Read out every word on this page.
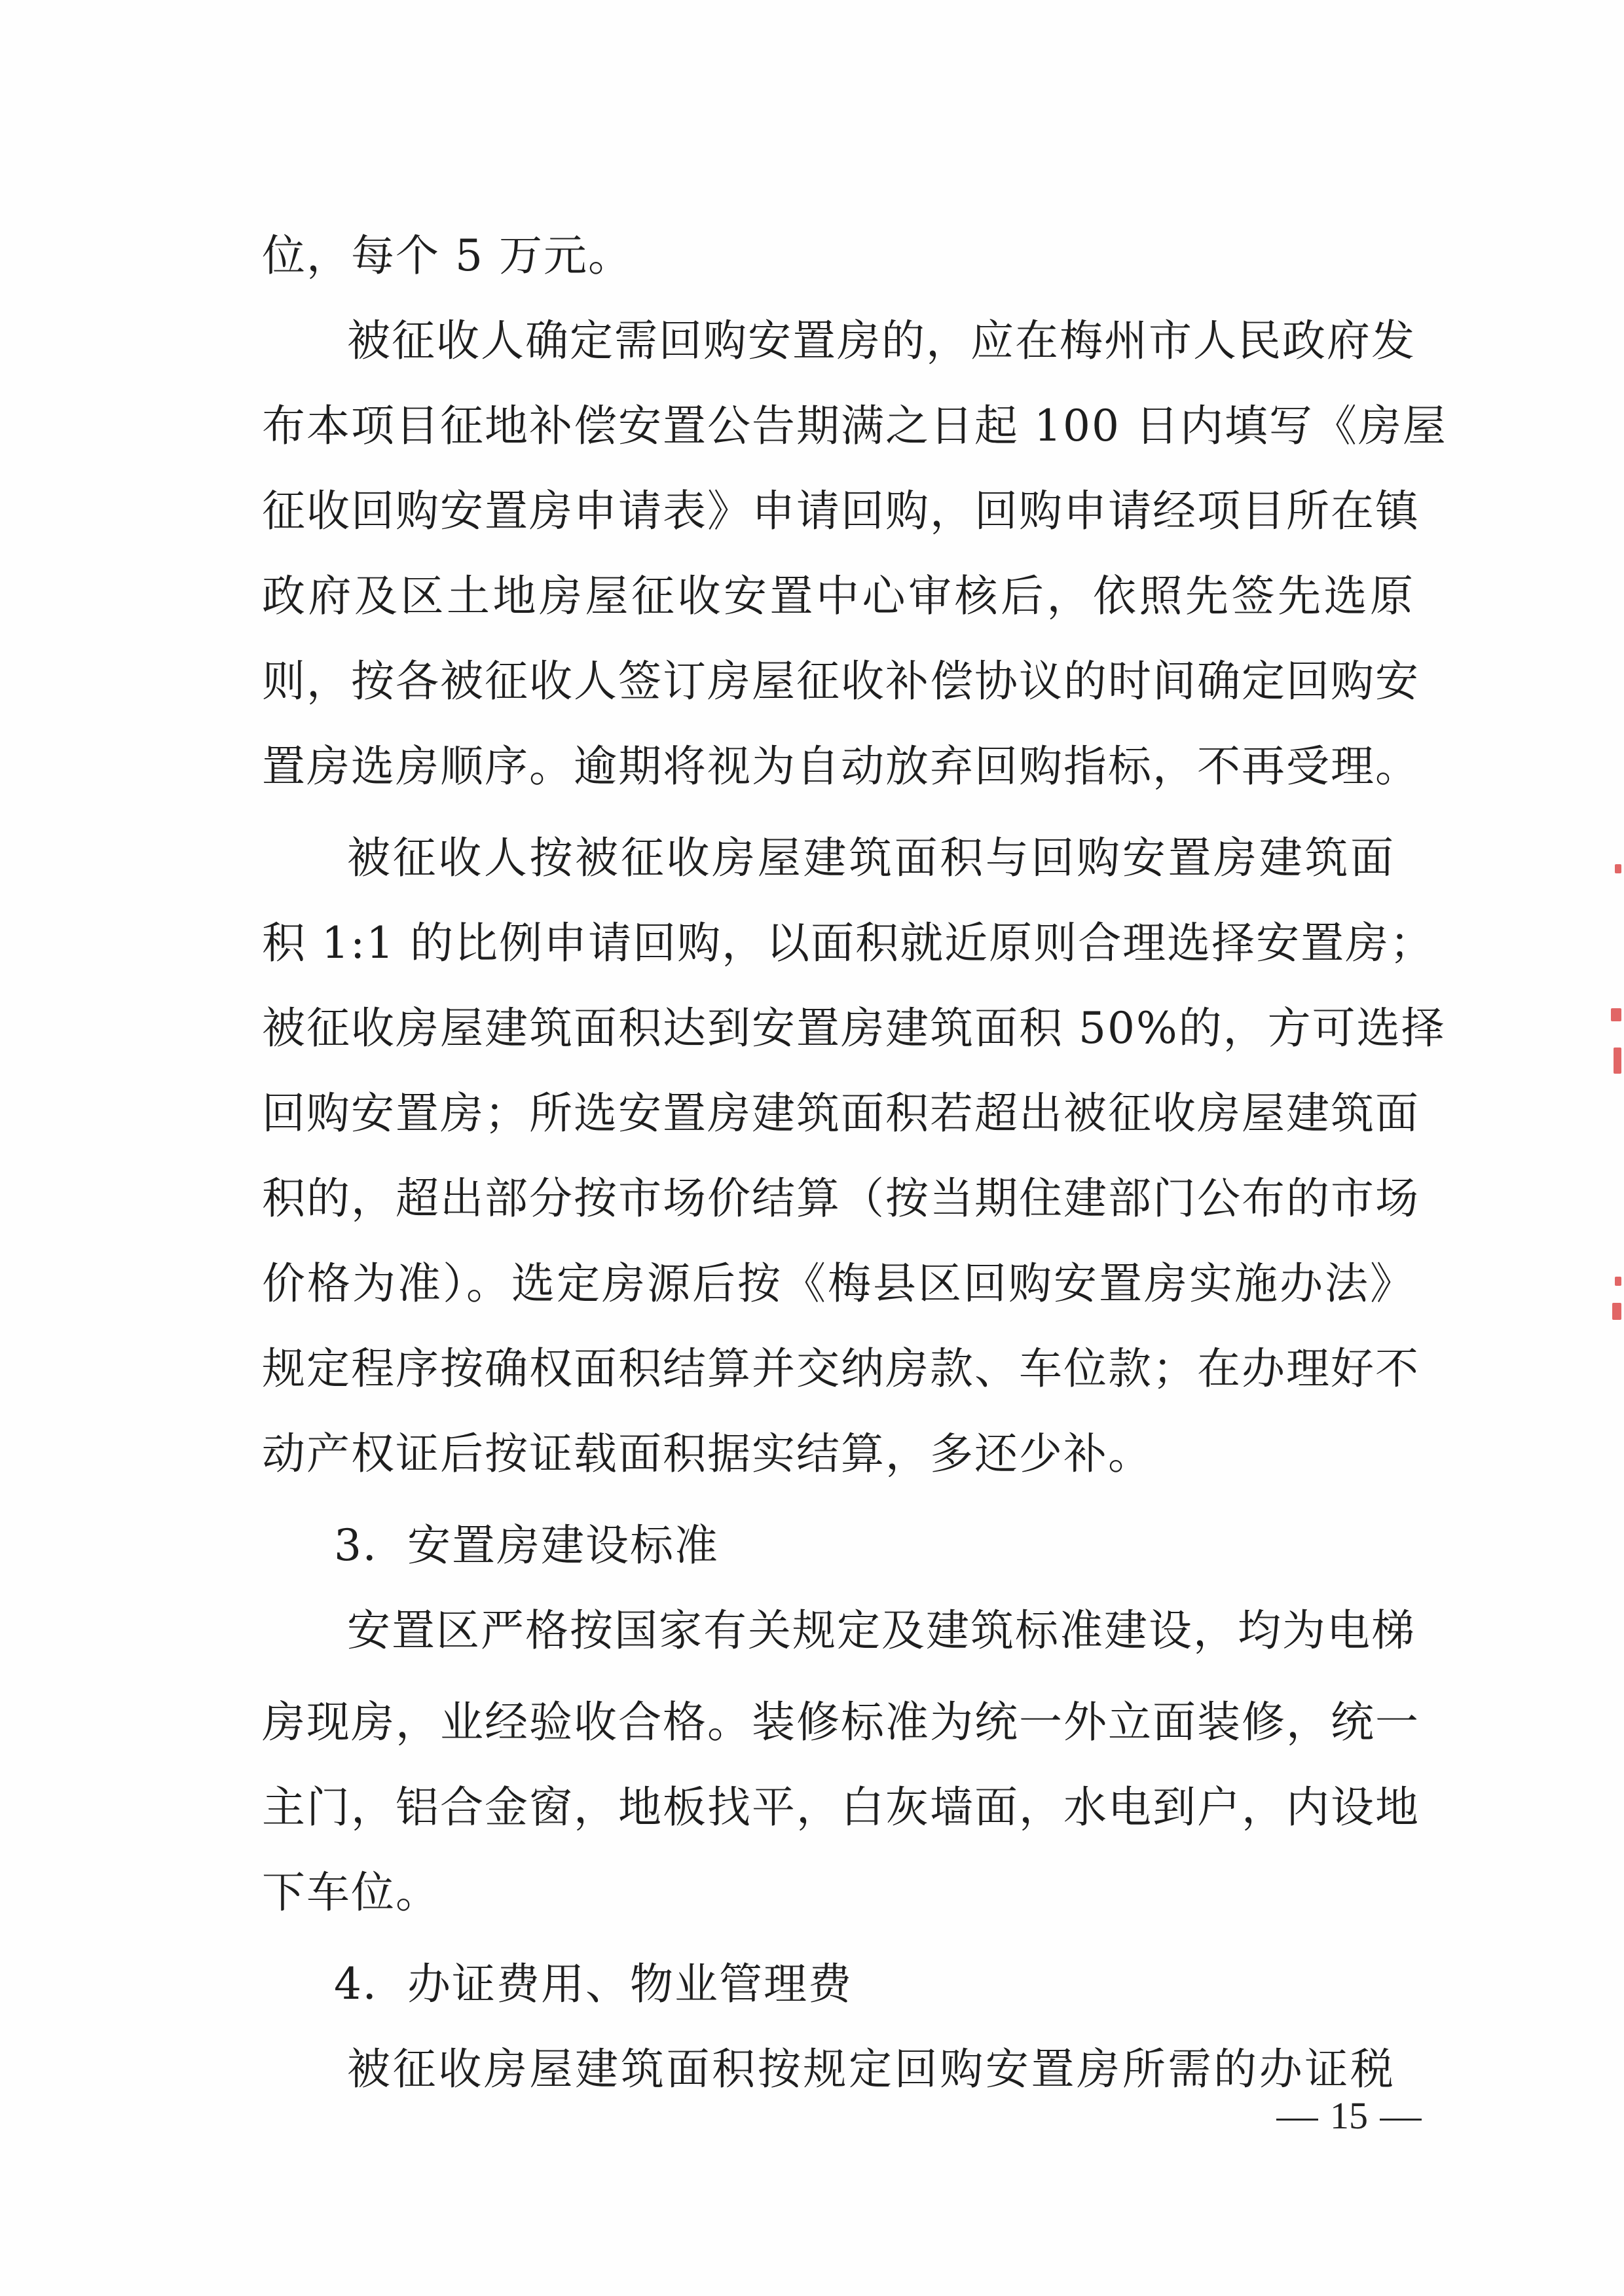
位，每个 5 万元。
被征收人确定需回购安置房的，应在梅州市人民政府发
布本项目征地补偿安置公告期满之日起 100 日内填写《房屋
征收回购安置房申请表》申请回购，回购申请经项目所在镇
政府及区土地房屋征收安置中心审核后，依照先签先选原
则，按各被征收人签订房屋征收补偿协议的时间确定回购安
置房选房顺序。逾期将视为自动放弃回购指标，不再受理。
被征收人按被征收房屋建筑面积与回购安置房建筑面
积 1:1 的比例申请回购，以面积就近原则合理选择安置房；
被征收房屋建筑面积达到安置房建筑面积 50%的，方可选择
回购安置房；所选安置房建筑面积若超出被征收房屋建筑面
积的，超出部分按市场价结算（按当期住建部门公布的市场
价格为准）。选定房源后按《梅县区回购安置房实施办法》
规定程序按确权面积结算并交纳房款、车位款；在办理好不
动产权证后按证载面积据实结算，多还少补。
3．安置房建设标准
安置区严格按国家有关规定及建筑标准建设，均为电梯
房现房，业经验收合格。装修标准为统一外立面装修，统一
主门，铝合金窗，地板找平，白灰墙面，水电到户，内设地
下车位。
4．办证费用、物业管理费
被征收房屋建筑面积按规定回购安置房所需的办证税
15
